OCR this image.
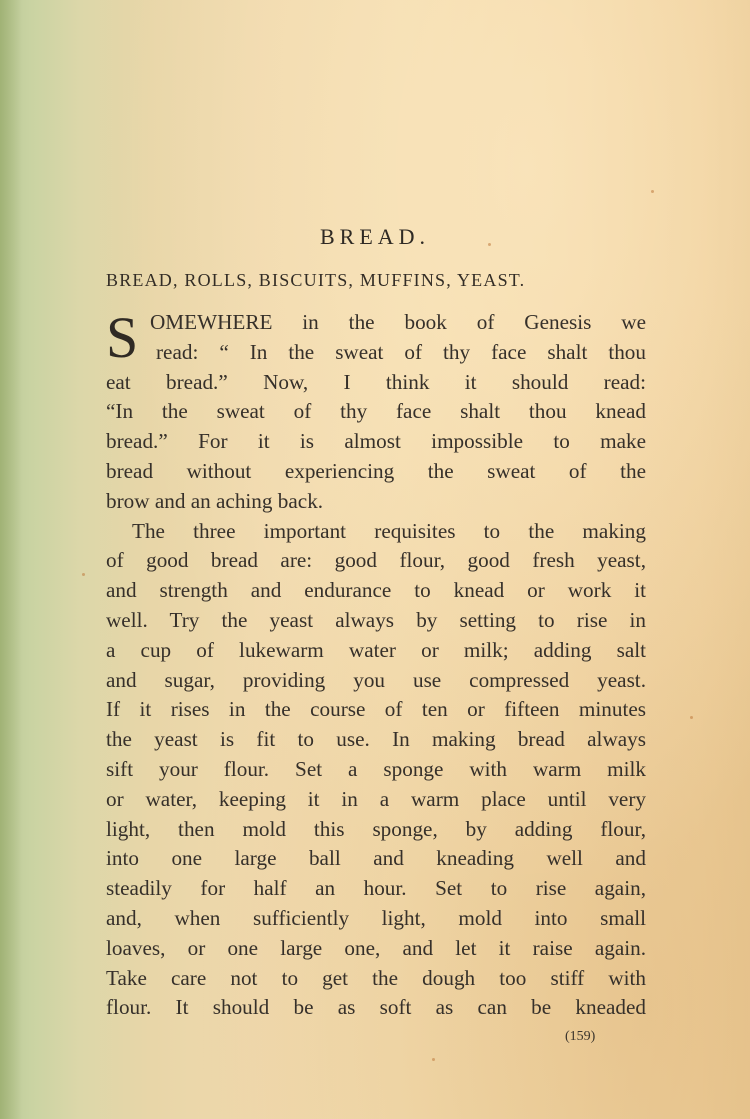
BREAD.
BREAD, ROLLS, BISCUITS, MUFFINS, YEAST.
S OMEWHERE in the book of Genesis we
read: “ In the sweat of thy face shalt thou
eat bread.” Now, I think it should read:
“In the sweat of thy face shalt thou knead
bread.” For it is almost impossible to make
bread without experiencing the sweat of the
brow and an aching back.
The three important requisites to the making
of good bread are: good flour, good fresh yeast,
and strength and endurance to knead or work it
well. Try the yeast always by setting to rise in
a cup of lukewarm water or milk; adding salt
and sugar, providing you use compressed yeast.
If it rises in the course of ten or fifteen minutes
the yeast is fit to use. In making bread always
sift your flour. Set a sponge with warm milk
or water, keeping it in a warm place until very
light, then mold this sponge, by adding flour,
into one large ball and kneading well and
steadily for half an hour. Set to rise again,
and, when sufficiently light, mold into small
loaves, or one large one, and let it raise again.
Take care not to get the dough too stiff with
flour. It should be as soft as can be kneaded
(159)
